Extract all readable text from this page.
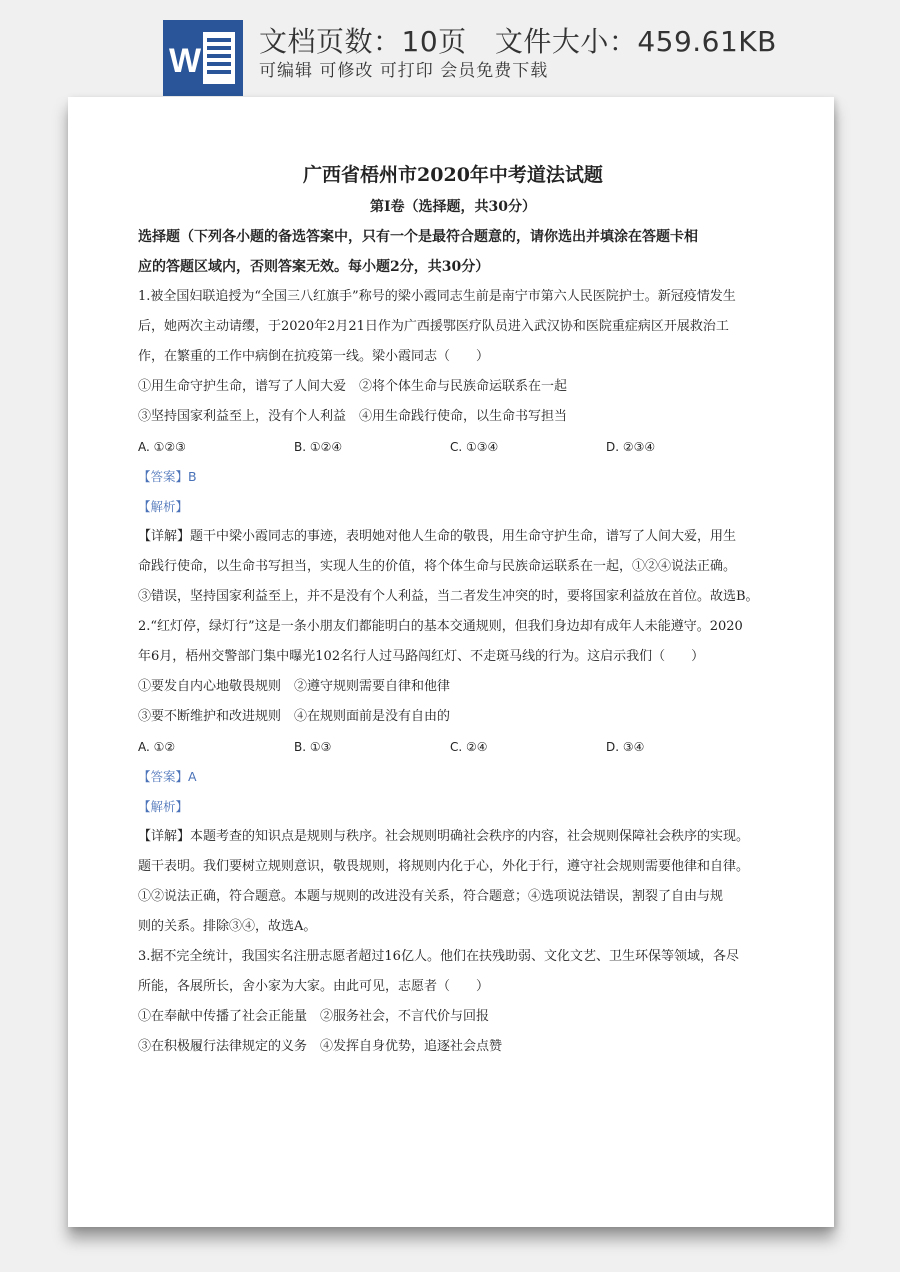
W
文档页数：10页   文件大小：459.61KB
可编辑 可修改 可打印 会员免费下载
广西省梧州市2020年中考道法试题
第Ⅰ卷（选择题，共30分）

选择题（下列各小题的备选答案中，只有一个是最符合题意的，请你选出并填涂在答题卡相

应的答题区域内，否则答案无效。每小题2分，共30分）

1.被全国妇联追授为“全国三八红旗手”称号的梁小霞同志生前是南宁市第六人民医院护士。新冠疫情发生

后，她两次主动请缨，于2020年2月21日作为广西援鄂医疗队员进入武汉协和医院重症病区开展救治工

作，在繁重的工作中病倒在抗疫第一线。梁小霞同志（　　）

①用生命守护生命，谱写了人间大爱　②将个体生命与民族命运联系在一起

③坚持国家利益至上，没有个人利益　④用生命践行使命，以生命书写担当

A. ①②③	B. ①②④	C. ①③④	D. ②③④

【答案】B

【解析】

【详解】题干中梁小霞同志的事迹，表明她对他人生命的敬畏，用生命守护生命，谱写了人间大爱，用生

命践行使命，以生命书写担当，实现人生的价值，将个体生命与民族命运联系在一起，①②④说法正确。

③错误，坚持国家利益至上，并不是没有个人利益，当二者发生冲突的时，要将国家利益放在首位。故选B。

2.“红灯停，绿灯行”这是一条小朋友们都能明白的基本交通规则，但我们身边却有成年人未能遵守。2020

年6月，梧州交警部门集中曝光102名行人过马路闯红灯、不走斑马线的行为。这启示我们（　　）

①要发自内心地敬畏规则　②遵守规则需要自律和他律

③要不断维护和改进规则　④在规则面前是没有自由的

A. ①②	B. ①③	C. ②④	D. ③④

【答案】A

【解析】

【详解】本题考查的知识点是规则与秩序。社会规则明确社会秩序的内容，社会规则保障社会秩序的实现。

题干表明。我们要树立规则意识，敬畏规则，将规则内化于心，外化于行，遵守社会规则需要他律和自律。

①②说法正确，符合题意。本题与规则的改进没有关系，符合题意；④选项说法错误，割裂了自由与规

则的关系。排除③④，故选A。

3.据不完全统计，我国实名注册志愿者超过16亿人。他们在扶残助弱、文化文艺、卫生环保等领域，各尽

所能，各展所长，舍小家为大家。由此可见，志愿者（　　）

①在奉献中传播了社会正能量　②服务社会，不言代价与回报

③在积极履行法律规定的义务　④发挥自身优势，追逐社会点赞
